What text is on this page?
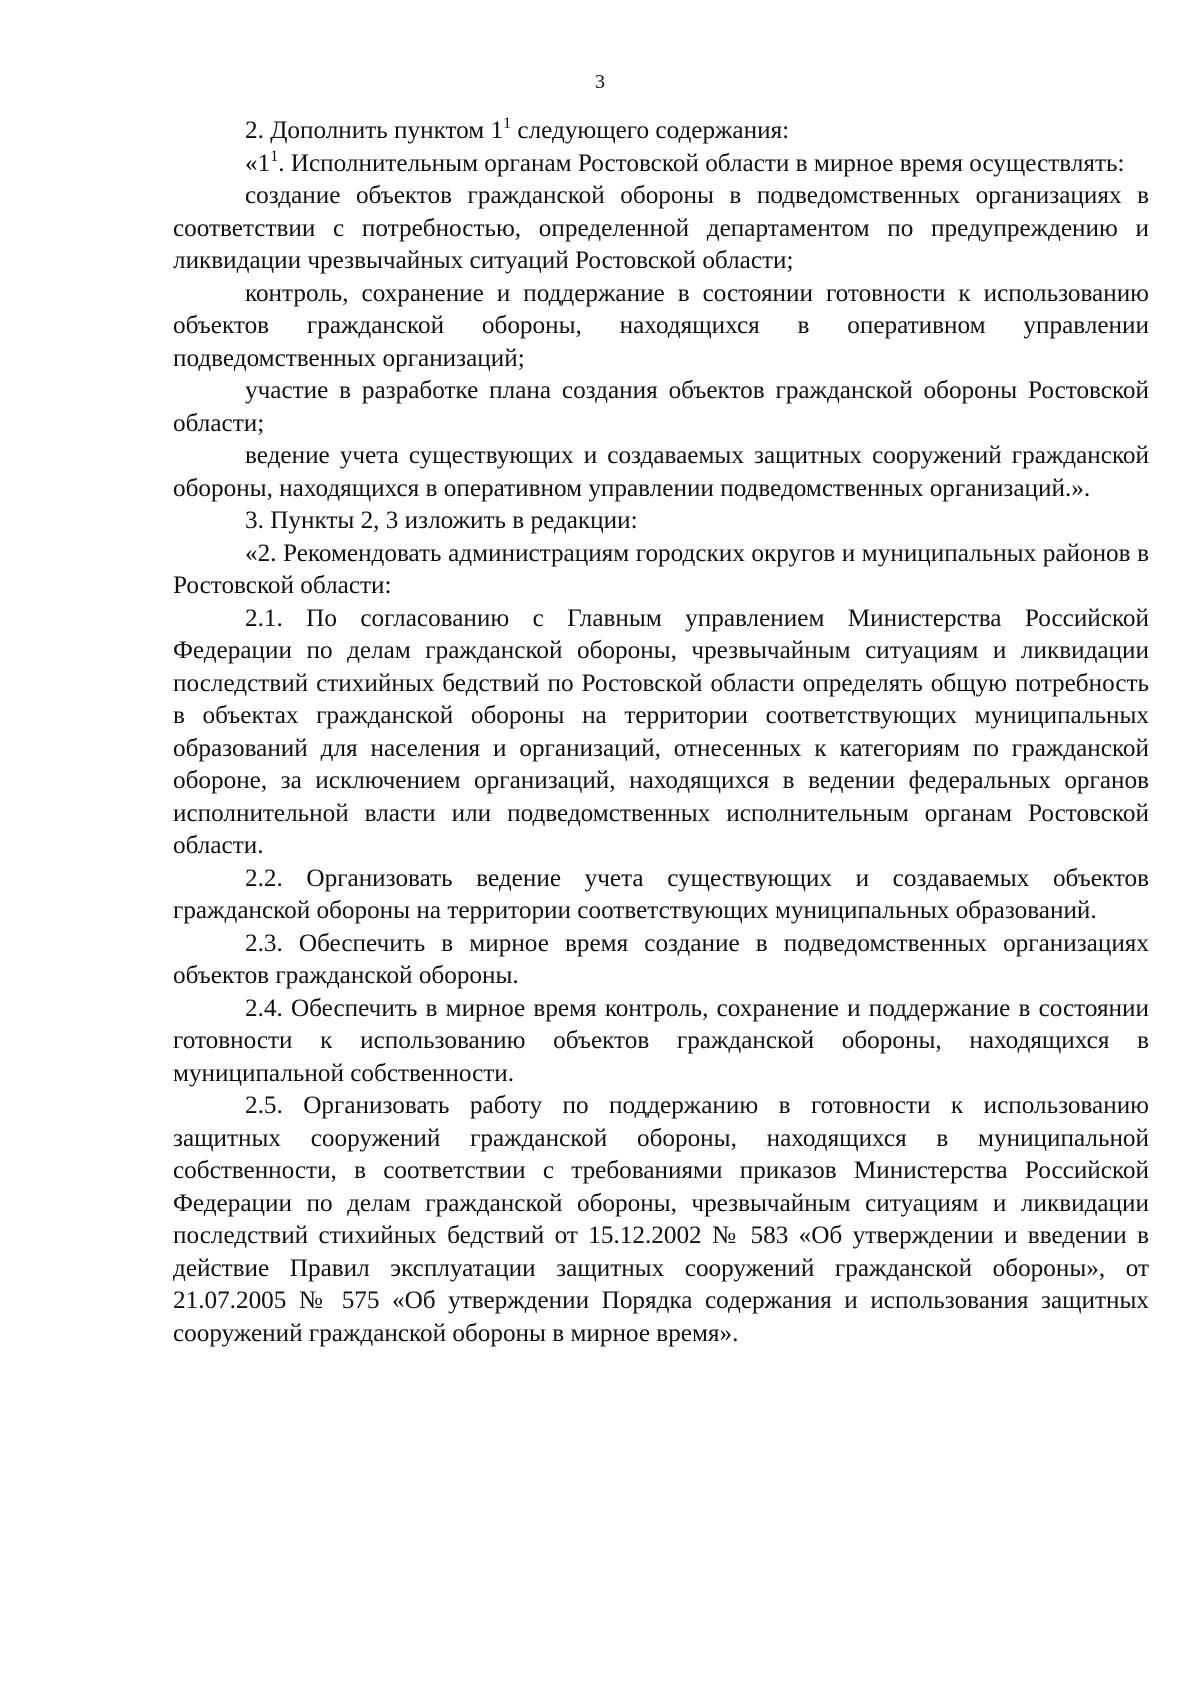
3

2. Дополнить пунктом $1^1$ следующего содержания:

«$1^1$. Исполнительным органам Ростовской области в мирное время осуществлять:

создание объектов гражданской обороны в подведомственных организациях в соответствии с потребностью, определенной департаментом по предупреждению и ликвидации чрезвычайных ситуаций Ростовской области;

контроль, сохранение и поддержание в состоянии готовности к использованию объектов гражданской обороны, находящихся в оперативном управлении подведомственных организаций;

участие в разработке плана создания объектов гражданской обороны Ростовской области;

ведение учета существующих и создаваемых защитных сооружений гражданской обороны, находящихся в оперативном управлении подведомственных организаций.».

3. Пункты 2, 3 изложить в редакции:

«2. Рекомендовать администрациям городских округов и муниципальных районов в Ростовской области:

2.1. По согласованию с Главным управлением Министерства Российской Федерации по делам гражданской обороны, чрезвычайным ситуациям и ликвидации последствий стихийных бедствий по Ростовской области определять общую потребность в объектах гражданской обороны на территории соответствующих муниципальных образований для населения и организаций, отнесенных к категориям по гражданской обороне, за исключением организаций, находящихся в ведении федеральных органов исполнительной власти или подведомственных исполнительным органам Ростовской области.

2.2. Организовать ведение учета существующих и создаваемых объектов гражданской обороны на территории соответствующих муниципальных образований.

2.3. Обеспечить в мирное время создание в подведомственных организациях объектов гражданской обороны.

2.4. Обеспечить в мирное время контроль, сохранение и поддержание в состоянии готовности к использованию объектов гражданской обороны, находящихся в муниципальной собственности.

2.5. Организовать работу по поддержанию в готовности к использованию защитных сооружений гражданской обороны, находящихся в муниципальной собственности, в соответствии с требованиями приказов Министерства Российской Федерации по делам гражданской обороны, чрезвычайным ситуациям и ликвидации последствий стихийных бедствий от 15.12.2002 № 583 «Об утверждении и введении в действие Правил эксплуатации защитных сооружений гражданской обороны», от 21.07.2005 № 575 «Об утверждении Порядка содержания и использования защитных сооружений гражданской обороны в мирное время».
